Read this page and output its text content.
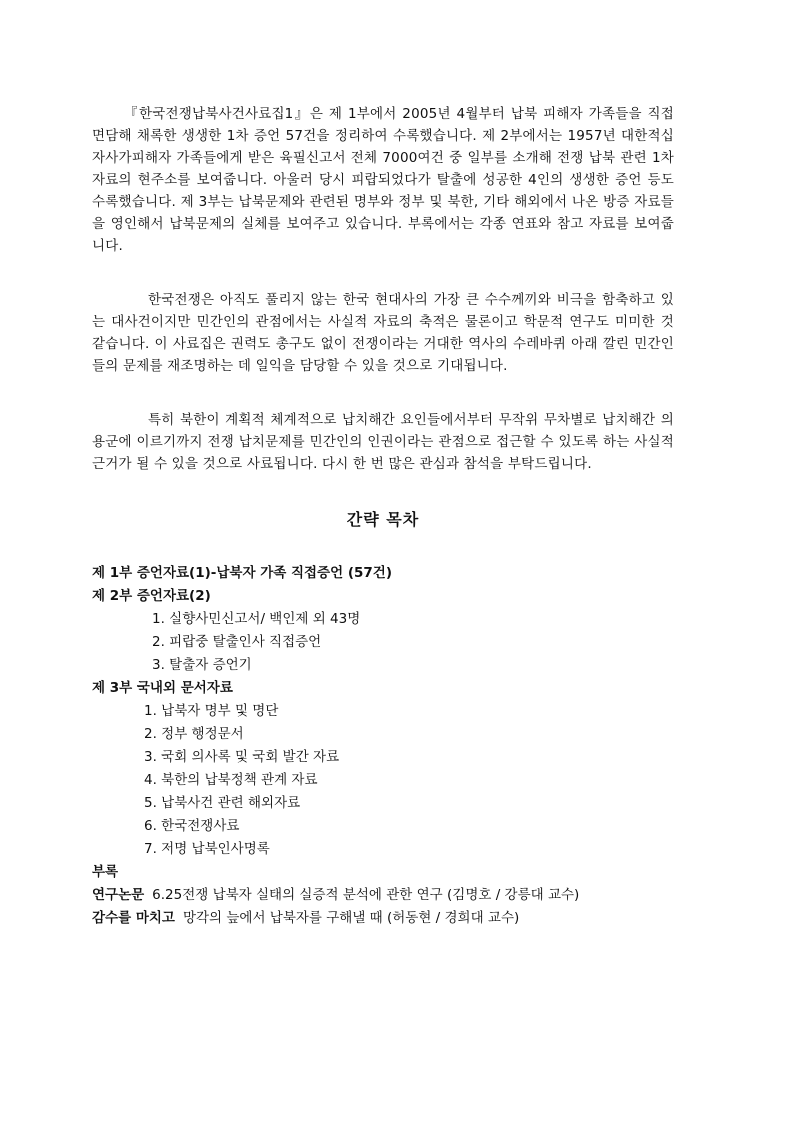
『한국전쟁납북사건사료집1』은 제 1부에서 2005년 4월부터 납북 피해자 가족들을 직접 면담해 채록한 생생한 1차 증언 57건을 정리하여 수록했습니다. 제 2부에서는 1957년 대한적십자사가피해자 가족들에게 받은 육필신고서 전체 7000여건 중 일부를 소개해 전쟁 납북 관련 1차 자료의 현주소를 보여줍니다. 아울러 당시 피랍되었다가 탈출에 성공한 4인의 생생한 증언 등도 수록했습니다. 제 3부는 납북문제와 관련된 명부와 정부 및 북한, 기타 해외에서 나온 방증 자료들을 영인해서 납북문제의 실체를 보여주고 있습니다. 부록에서는 각종 연표와 참고 자료를 보여줍니다.

한국전쟁은 아직도 풀리지 않는 한국 현대사의 가장 큰 수수께끼와 비극을 함축하고 있는 대사건이지만 민간인의 관점에서는 사실적 자료의 축적은 물론이고 학문적 연구도 미미한 것 같습니다. 이 사료집은 권력도 총구도 없이 전쟁이라는 거대한 역사의 수레바퀴 아래 깔린 민간인들의 문제를 재조명하는 데 일익을 담당할 수 있을 것으로 기대됩니다.

특히 북한이 계획적 체계적으로 납치해간 요인들에서부터 무작위 무차별로 납치해간 의용군에 이르기까지 전쟁 납치문제를 민간인의 인권이라는 관점으로 접근할 수 있도록 하는 사실적 근거가 될 수 있을 것으로 사료됩니다. 다시 한 번 많은 관심과 참석을 부탁드립니다.

간략 목차
제 1부 증언자료(1)-납북자 가족 직접증언 (57건)
제 2부 증언자료(2)
1. 실향사민신고서/ 백인제 외 43명
2. 피랍중 탈출인사 직접증언
3. 탈출자 증언기
제 3부 국내외 문서자료
1. 납북자 명부 및 명단
2. 정부 행정문서
3. 국회 의사록 및 국회 발간 자료
4. 북한의 납북정책 관계 자료
5. 납북사건 관련 해외자료
6. 한국전쟁사료
7. 저명 납북인사명록
부록
연구논문 6.25전쟁 납북자 실태의 실증적 분석에 관한 연구 (김명호 / 강릉대 교수)
감수를 마치고 망각의 늪에서 납북자를 구해낼 때 (허동현 / 경희대 교수)
